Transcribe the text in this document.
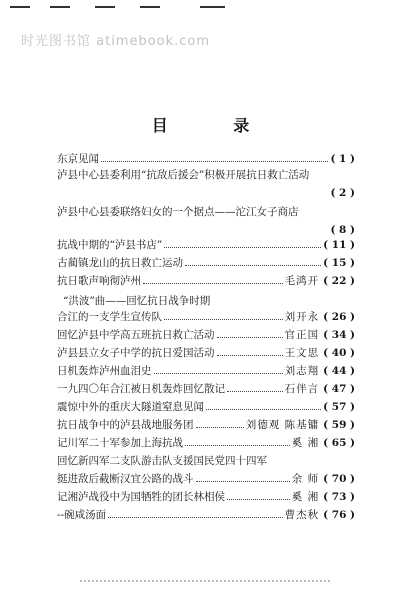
时光图书馆 atimebook.com
目 录
东京见闻	( 1 )
泸县中心县委利用“抗敌后援会”积极开展抗日救亡活动
( 2 )
泸县中心县委联络妇女的一个据点——沱江女子商店
( 8 )
抗战中期的“泸县书店”	( 11 )
古蔺镇龙山的抗日救亡运动	( 15 )
抗日歌声响彻泸州	毛鸿开 ( 22 )
“洪波”曲——回忆抗日战争时期
合江的一支学生宣传队	刘开永 ( 26 )
回忆泸县中学高五班抗日救亡活动	官正国 ( 34 )
泸县县立女子中学的抗日爱国活动	王文思 ( 40 )
日机轰炸泸州血泪史	刘志翔 ( 44 )
一九四〇年合江被日机轰炸回忆散记	石伴言 ( 47 )
震惊中外的重庆大隧道窒息见闻	( 57 )
抗日战争中的泸县战地服务团	刘德观 陈基镛 ( 59 )
记川军二十军参加上海抗战	奚 湘 ( 65 )
回忆新四军二支队游击队支援国民党四十四军
挺进敌后截断汉宜公路的战斗	余 师 ( 70 )
记湘泸战役中为国牺牲的团长林相侯	奚 湘 ( 73 )
--碗咸汤面	曹杰秋 ( 76 )
